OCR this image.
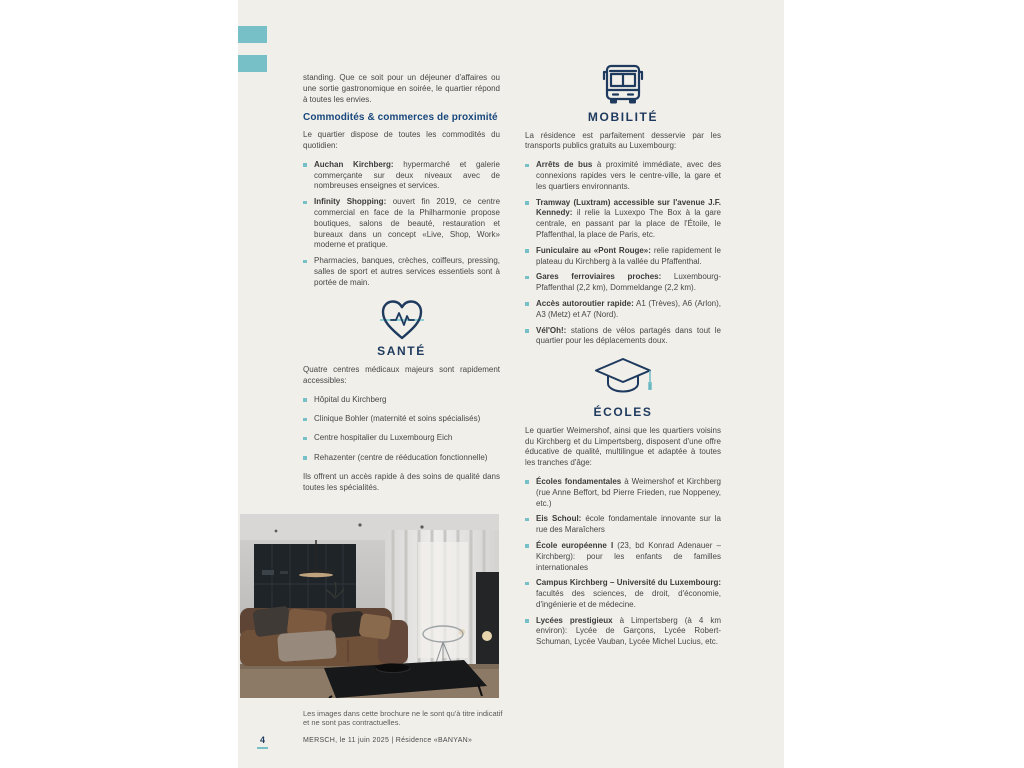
standing. Que ce soit pour un déjeuner d'affaires ou une sortie gastronomique en soirée, le quartier répond à toutes les envies.

Commodités & commerces de proximité

Le quartier dispose de toutes les commodités du quotidien:

Auchan Kirchberg: hypermarché et galerie commerçante sur deux niveaux avec de nombreuses enseignes et services.
Infinity Shopping: ouvert fin 2019, ce centre commercial en face de la Philharmonie propose boutiques, salons de beauté, restauration et bureaux dans un concept «Live, Shop, Work» moderne et pratique.
Pharmacies, banques, crèches, coiffeurs, pressing, salles de sport et autres services essentiels sont à portée de main.
SANTÉ

Quatre centres médicaux majeurs sont rapidement accessibles:

Hôpital du Kirchberg
Clinique Bohler (maternité et soins spécialisés)
Centre hospitalier du Luxembourg Eich
Rehazenter (centre de rééducation fonctionnelle)

Ils offrent un accès rapide à des soins de qualité dans toutes les spécialités.

MOBILITÉ

La résidence est parfaitement desservie par les transports publics gratuits au Luxembourg:

Arrêts de bus à proximité immédiate, avec des connexions rapides vers le centre-ville, la gare et les quartiers environnants.
Tramway (Luxtram) accessible sur l'avenue J.F. Kennedy: il relie la Luxexpo The Box à la gare centrale, en passant par la place de l'Étoile, le Pfaffenthal, la place de Paris, etc.
Funiculaire au «Pont Rouge»: relie rapidement le plateau du Kirchberg à la vallée du Pfaffenthal.
Gares ferroviaires proches: Luxembourg-Pfaffenthal (2,2 km), Dommeldange (2,2 km).
Accès autoroutier rapide: A1 (Trèves), A6 (Arlon), A3 (Metz) et A7 (Nord).
Vél'Oh!: stations de vélos partagés dans tout le quartier pour les déplacements doux.
ÉCOLES

Le quartier Weimershof, ainsi que les quartiers voisins du Kirchberg et du Limpertsberg, disposent d'une offre éducative de qualité, multilingue et adaptée à toutes les tranches d'âge:

Écoles fondamentales à Weimershof et Kirchberg (rue Anne Beffort, bd Pierre Frieden, rue Noppeney, etc.)
Eis Schoul: école fondamentale innovante sur la rue des Maraîchers
École européenne I (23, bd Konrad Adenauer – Kirchberg): pour les enfants de familles internationales
Campus Kirchberg – Université du Luxembourg: facultés des sciences, de droit, d'économie, d'ingénierie et de médecine.
Lycées prestigieux à Limpertsberg (à 4 km environ): Lycée de Garçons, Lycée Robert-Schuman, Lycée Vauban, Lycée Michel Lucius, etc.

Les images dans cette brochure ne le sont qu'à titre indicatif et ne sont pas contractuelles.

4	MERSCH, le 11 juin 2025 | Résidence «BANYAN»
